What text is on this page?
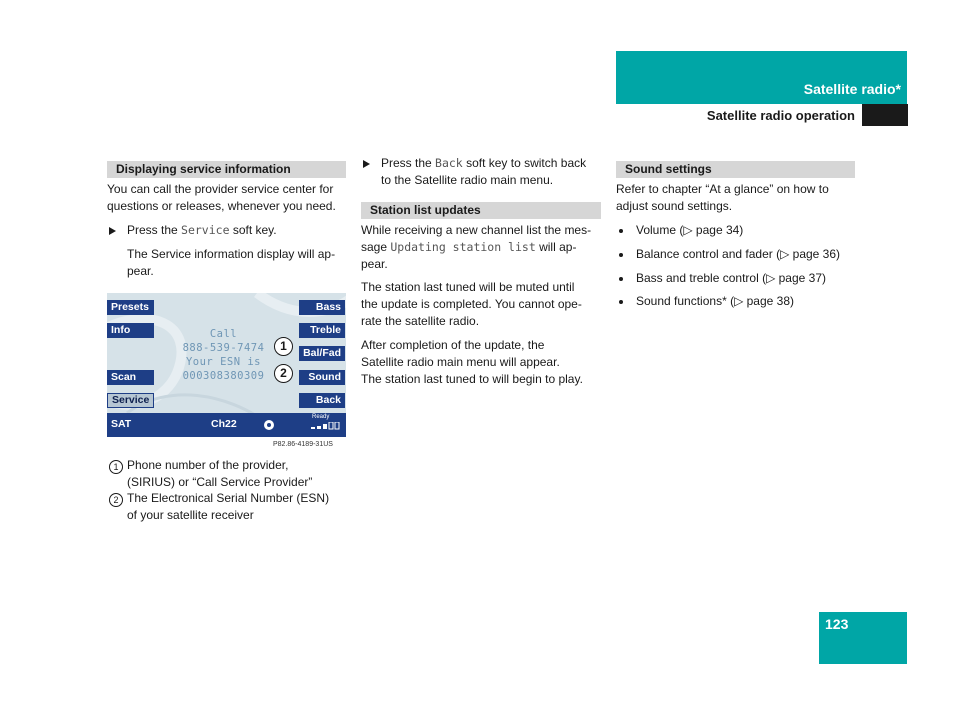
Satellite radio*
Satellite radio operation
Displaying service information
You can call the provider service center for
questions or releases, whenever you need.
Press the Service soft key.
The Service information display will ap-
pear.
Presets
Info
Scan
Service
Bass
Treble
Bal/Fad
Sound
Back
Call
888-539-7474
Your ESN is
000308380309
SAT	Ch22
Ready
1
2
P82.86-4189-31US
1 Phone number of the provider,
(SIRIUS) or “Call Service Provider”
2 The Electronical Serial Number (ESN)
of your satellite receiver
Press the Back soft key to switch back
to the Satellite radio main menu.
Station list updates
While receiving a new channel list the mes-
sage Updating station list will ap-
pear.
The station last tuned will be muted until
the update is completed. You cannot ope-
rate the satellite radio.
After completion of the update, the
Satellite radio main menu will appear.
The station last tuned to will begin to play.
Sound settings
Refer to chapter “At a glance” on how to
adjust sound settings.
Volume (▷ page 34)
Balance control and fader (▷ page 36)
Bass and treble control (▷ page 37)
Sound functions* (▷ page 38)
123
